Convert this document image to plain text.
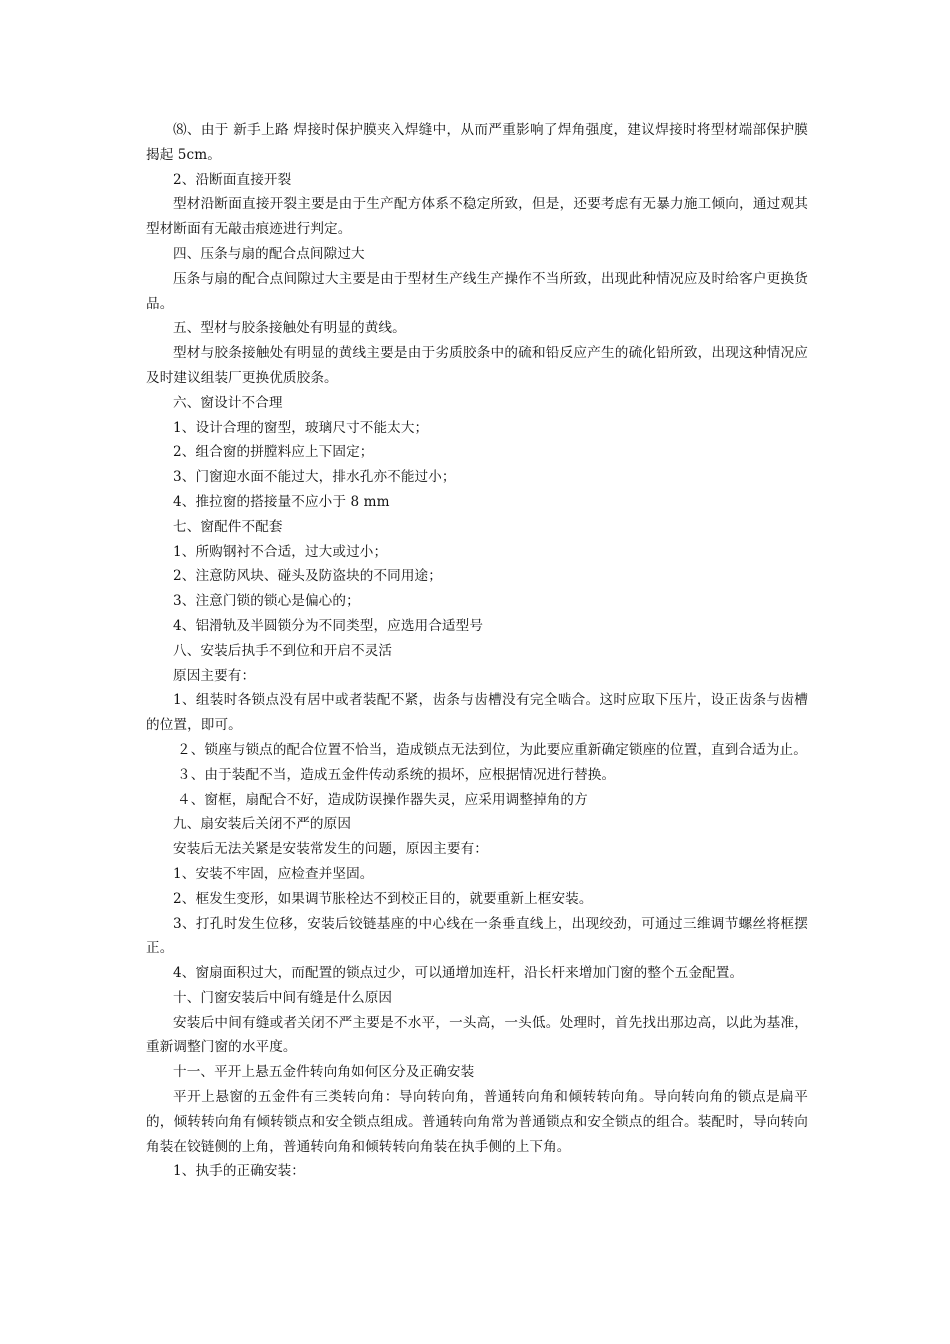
⑻、由于 新手上路 焊接时保护膜夹入焊缝中，从而严重影响了焊角强度，建议焊接时将型材端部保护膜揭起 5cm。

2、沿断面直接开裂

型材沿断面直接开裂主要是由于生产配方体系不稳定所致，但是，还要考虑有无暴力施工倾向，通过观其型材断面有无敲击痕迹进行判定。

四、压条与扇的配合点间隙过大

压条与扇的配合点间隙过大主要是由于型材生产线生产操作不当所致，出现此种情况应及时给客户更换货品。

五、型材与胶条接触处有明显的黄线。

型材与胶条接触处有明显的黄线主要是由于劣质胶条中的硫和铅反应产生的硫化铅所致，出现这种情况应及时建议组装厂更换优质胶条。

六、窗设计不合理

1、设计合理的窗型，玻璃尺寸不能太大；

2、组合窗的拼膛料应上下固定；

3、门窗迎水面不能过大，排水孔亦不能过小；

4、推拉窗的搭接量不应小于 8 mm

七、窗配件不配套

1、所购钢衬不合适，过大或过小；

2、注意防风块、碰头及防盗块的不同用途；

3、注意门锁的锁心是偏心的；

4、铝滑轨及半圆锁分为不同类型，应选用合适型号

八、安装后执手不到位和开启不灵活

原因主要有：

1、组装时各锁点没有居中或者装配不紧，齿条与齿槽没有完全啮合。这时应取下压片，设正齿条与齿槽的位置，即可。

２、锁座与锁点的配合位置不恰当，造成锁点无法到位，为此要应重新确定锁座的位置，直到合适为止。

３、由于装配不当，造成五金件传动系统的损坏，应根据情况进行替换。

４、窗框，扇配合不好，造成防误操作器失灵，应采用调整掉角的方

九、扇安装后关闭不严的原因

安装后无法关紧是安装常发生的问题，原因主要有：

1、安装不牢固，应检查并坚固。

2、框发生变形，如果调节胀栓达不到校正目的，就要重新上框安装。

3、打孔时发生位移，安装后铰链基座的中心线在一条垂直线上，出现绞劲，可通过三维调节螺丝将框摆正。

4、窗扇面积过大，而配置的锁点过少，可以通增加连杆，沿长杆来增加门窗的整个五金配置。

十、门窗安装后中间有缝是什么原因

安装后中间有缝或者关闭不严主要是不水平，一头高，一头低。处理时，首先找出那边高，以此为基准，重新调整门窗的水平度。

十一、平开上悬五金件转向角如何区分及正确安装

平开上悬窗的五金件有三类转向角：导向转向角，普通转向角和倾转转向角。导向转向角的锁点是扁平的，倾转转向角有倾转锁点和安全锁点组成。普通转向角常为普通锁点和安全锁点的组合。装配时，导向转向角装在铰链侧的上角，普通转向角和倾转转向角装在执手侧的上下角。

1、执手的正确安装：
